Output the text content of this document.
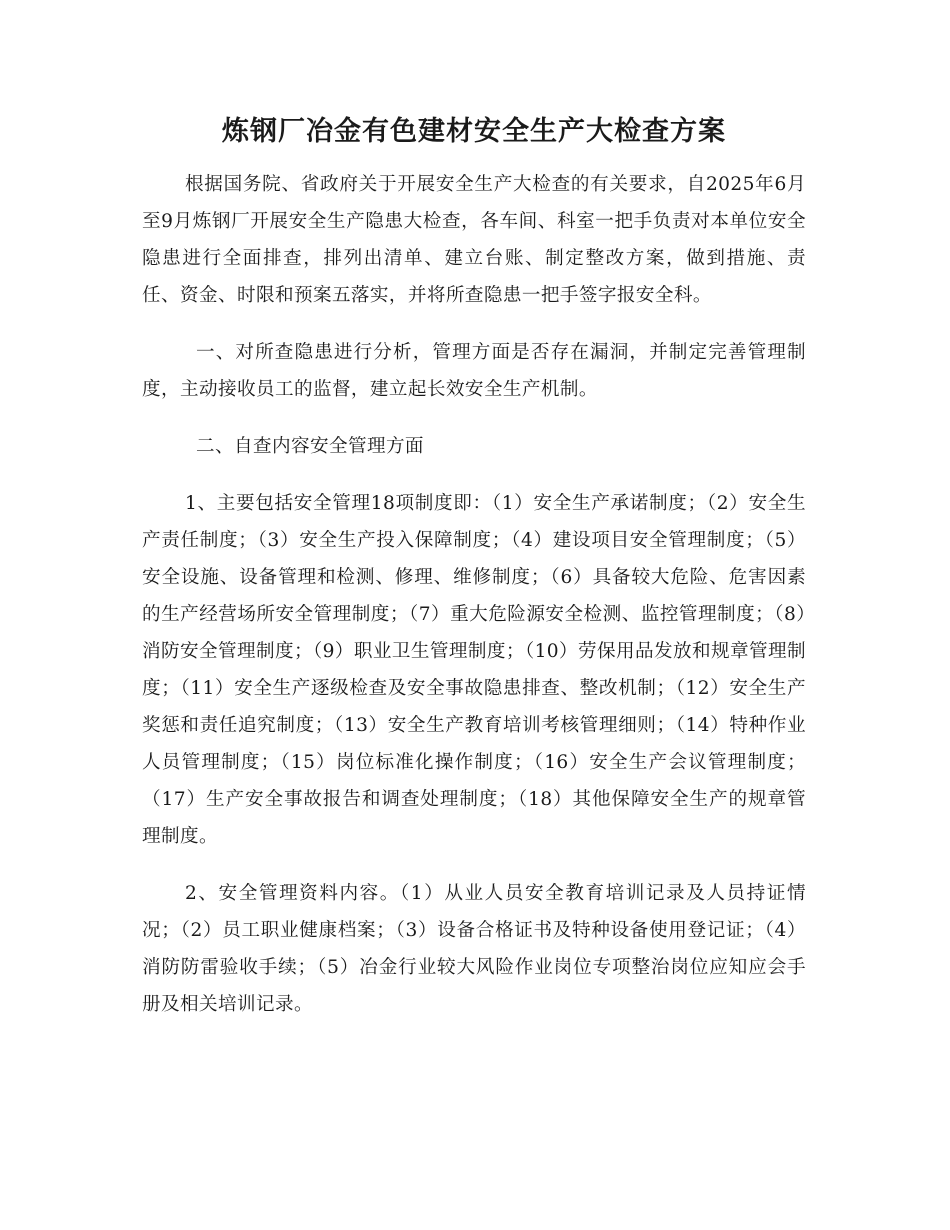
炼钢厂冶金有色建材安全生产大检查方案

根据国务院、省政府关于开展安全生产大检查的有关要求，自2025年6月至9月炼钢厂开展安全生产隐患大检查，各车间、科室一把手负责对本单位安全隐患进行全面排查，排列出清单、建立台账、制定整改方案，做到措施、责任、资金、时限和预案五落实，并将所查隐患一把手签字报安全科。

一、对所查隐患进行分析，管理方面是否存在漏洞，并制定完善管理制度，主动接收员工的监督，建立起长效安全生产机制。

二、自查内容安全管理方面

1、主要包括安全管理18项制度即：（1）安全生产承诺制度；（2）安全生产责任制度；（3）安全生产投入保障制度；（4）建设项目安全管理制度；（5）安全设施、设备管理和检测、修理、维修制度；（6）具备较大危险、危害因素的生产经营场所安全管理制度；（7）重大危险源安全检测、监控管理制度；（8）消防安全管理制度；（9）职业卫生管理制度；（10）劳保用品发放和规章管理制度；（11）安全生产逐级检查及安全事故隐患排查、整改机制；（12）安全生产奖惩和责任追究制度；（13）安全生产教育培训考核管理细则；（14）特种作业人员管理制度；（15）岗位标准化操作制度；（16）安全生产会议管理制度；（17）生产安全事故报告和调查处理制度；（18）其他保障安全生产的规章管理制度。

2、安全管理资料内容。（1）从业人员安全教育培训记录及人员持证情况；（2）员工职业健康档案；（3）设备合格证书及特种设备使用登记证；（4）消防防雷验收手续；（5）冶金行业较大风险作业岗位专项整治岗位应知应会手册及相关培训记录。
